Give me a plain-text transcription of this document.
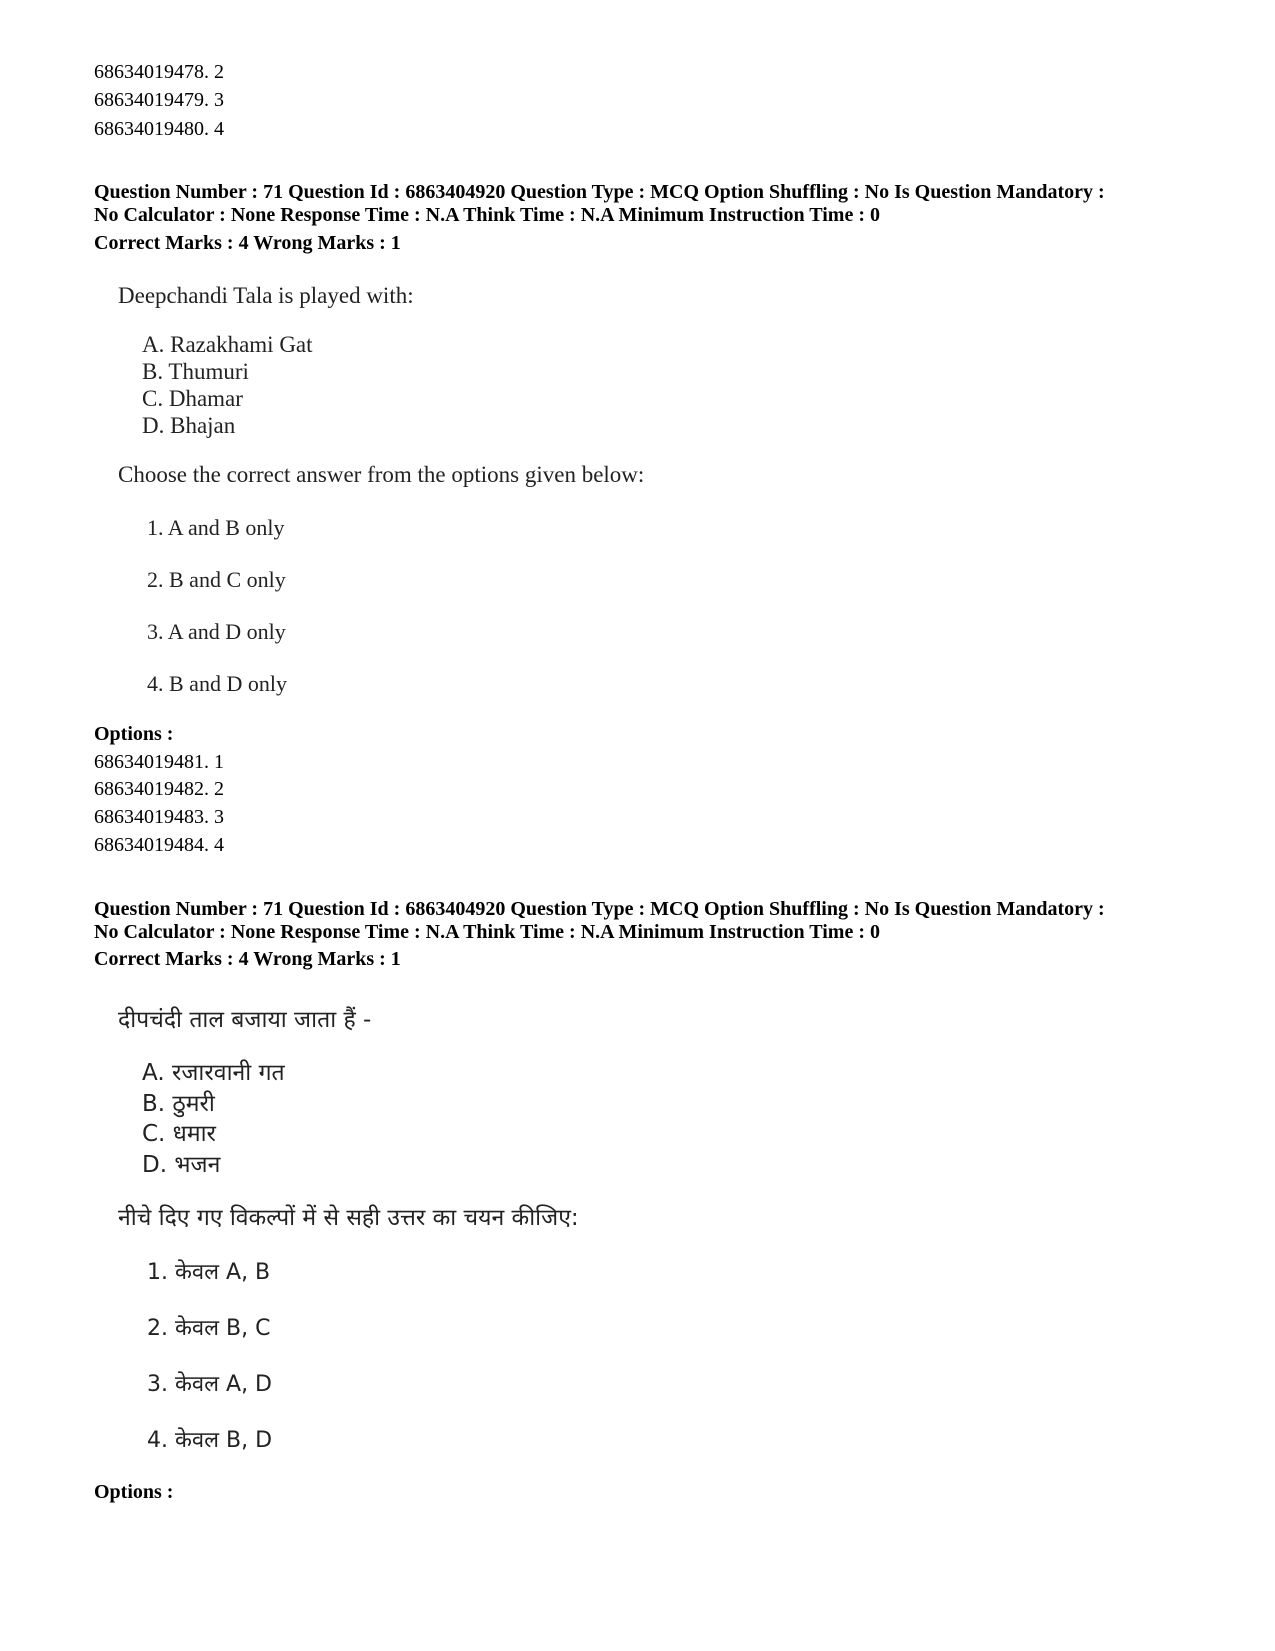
68634019478. 2
68634019479. 3
68634019480. 4
Question Number : 71 Question Id : 6863404920 Question Type : MCQ Option Shuffling : No Is Question Mandatory :
No Calculator : None Response Time : N.A Think Time : N.A Minimum Instruction Time : 0
Correct Marks : 4 Wrong Marks : 1
Deepchandi Tala is played with:
A. Razakhami Gat
B. Thumuri
C. Dhamar
D. Bhajan
Choose the correct answer from the options given below:
1. A and B only
2. B and C only
3. A and D only
4. B and D only
Options :
68634019481. 1
68634019482. 2
68634019483. 3
68634019484. 4
Question Number : 71 Question Id : 6863404920 Question Type : MCQ Option Shuffling : No Is Question Mandatory :
No Calculator : None Response Time : N.A Think Time : N.A Minimum Instruction Time : 0
Correct Marks : 4 Wrong Marks : 1
दीपचंदी ताल बजाया जाता हैं -
A. रजारवानी गत
B. ठुमरी
C. धमार
D. भजन
नीचे दिए गए विकल्पों में से सही उत्तर का चयन कीजिए:
1. केवल A, B
2. केवल B, C
3. केवल A, D
4. केवल B, D
Options :
